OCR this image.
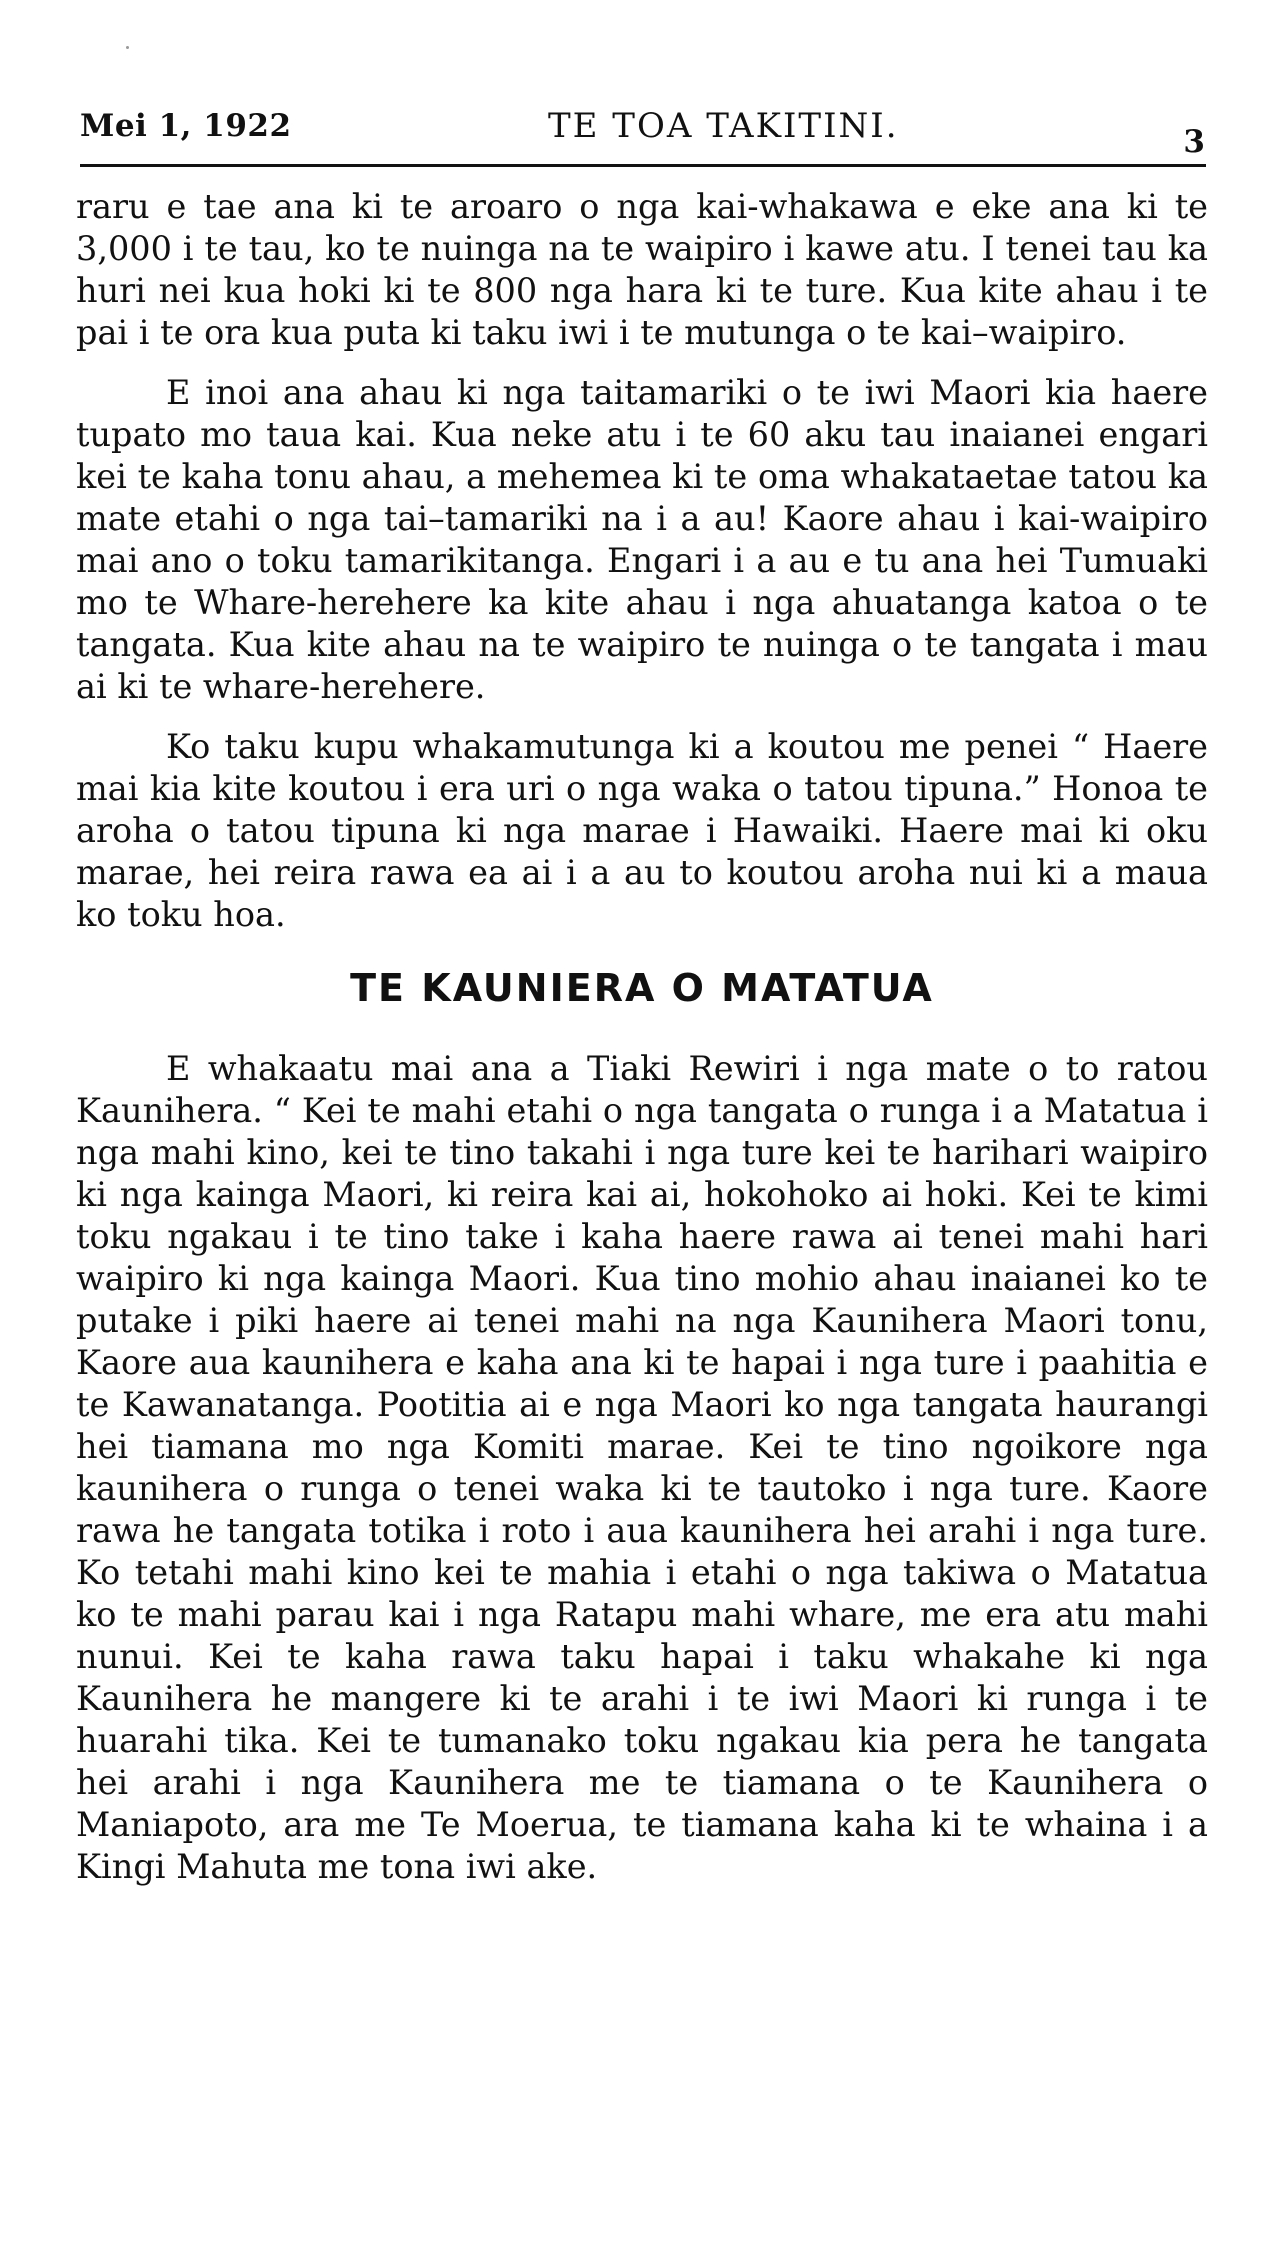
Mei 1, 1922	TE TOA TAKITINI.	3

raru e tae ana ki te aroaro o nga kai-whakawa e eke ana ki te 3,000 i te tau, ko te nuinga na te waipiro i kawe atu. I tenei tau ka huri nei kua hoki ki te 800 nga hara ki te ture. Kua kite ahau i te pai i te ora kua puta ki taku iwi i te mutunga o te kai–waipiro.

E inoi ana ahau ki nga taitamariki o te iwi Maori kia haere tupato mo taua kai. Kua neke atu i te 60 aku tau inaianei engari kei te kaha tonu ahau, a mehemea ki te oma whakataetae tatou ka mate etahi o nga tai–tamariki na i a au! Kaore ahau i kai-waipiro mai ano o toku tamarikitanga. Engari i a au e tu ana hei Tumuaki mo te Whare-herehere ka kite ahau i nga ahuatanga katoa o te tangata. Kua kite ahau na te waipiro te nuinga o te tangata i mau ai ki te whare-herehere.

Ko taku kupu whakamutunga ki a koutou me penei “ Haere mai kia kite koutou i era uri o nga waka o tatou tipuna.” Honoa te aroha o tatou tipuna ki nga marae i Hawaiki. Haere mai ki oku marae, hei reira rawa ea ai i a au to koutou aroha nui ki a maua ko toku hoa.

TE KAUNIERA O MATATUA

E whakaatu mai ana a Tiaki Rewiri i nga mate o to ratou Kaunihera. “ Kei te mahi etahi o nga tangata o runga i a Matatua i nga mahi kino, kei te tino takahi i nga ture kei te harihari waipiro ki nga kainga Maori, ki reira kai ai, hokohoko ai hoki. Kei te kimi toku ngakau i te tino take i kaha haere rawa ai tenei mahi hari waipiro ki nga kainga Maori. Kua tino mohio ahau inaianei ko te putake i piki haere ai tenei mahi na nga Kaunihera Maori tonu, Kaore aua kaunihera e kaha ana ki te hapai i nga ture i paahitia e te Kawanatanga. Pootitia ai e nga Maori ko nga tangata haurangi hei tiamana mo nga Komiti marae. Kei te tino ngoikore nga kaunihera o runga o tenei waka ki te tautoko i nga ture. Kaore rawa he tangata totika i roto i aua kaunihera hei arahi i nga ture. Ko tetahi mahi kino kei te mahia i etahi o nga takiwa o Matatua ko te mahi parau kai i nga Ratapu mahi whare, me era atu mahi nunui. Kei te kaha rawa taku hapai i taku whakahe ki nga Kaunihera he mangere ki te arahi i te iwi Maori ki runga i te huarahi tika. Kei te tumanako toku ngakau kia pera he tangata hei arahi i nga Kaunihera me te tiamana o te Kaunihera o Maniapoto, ara me Te Moerua, te tiamana kaha ki te whaina i a Kingi Mahuta me tona iwi ake.
